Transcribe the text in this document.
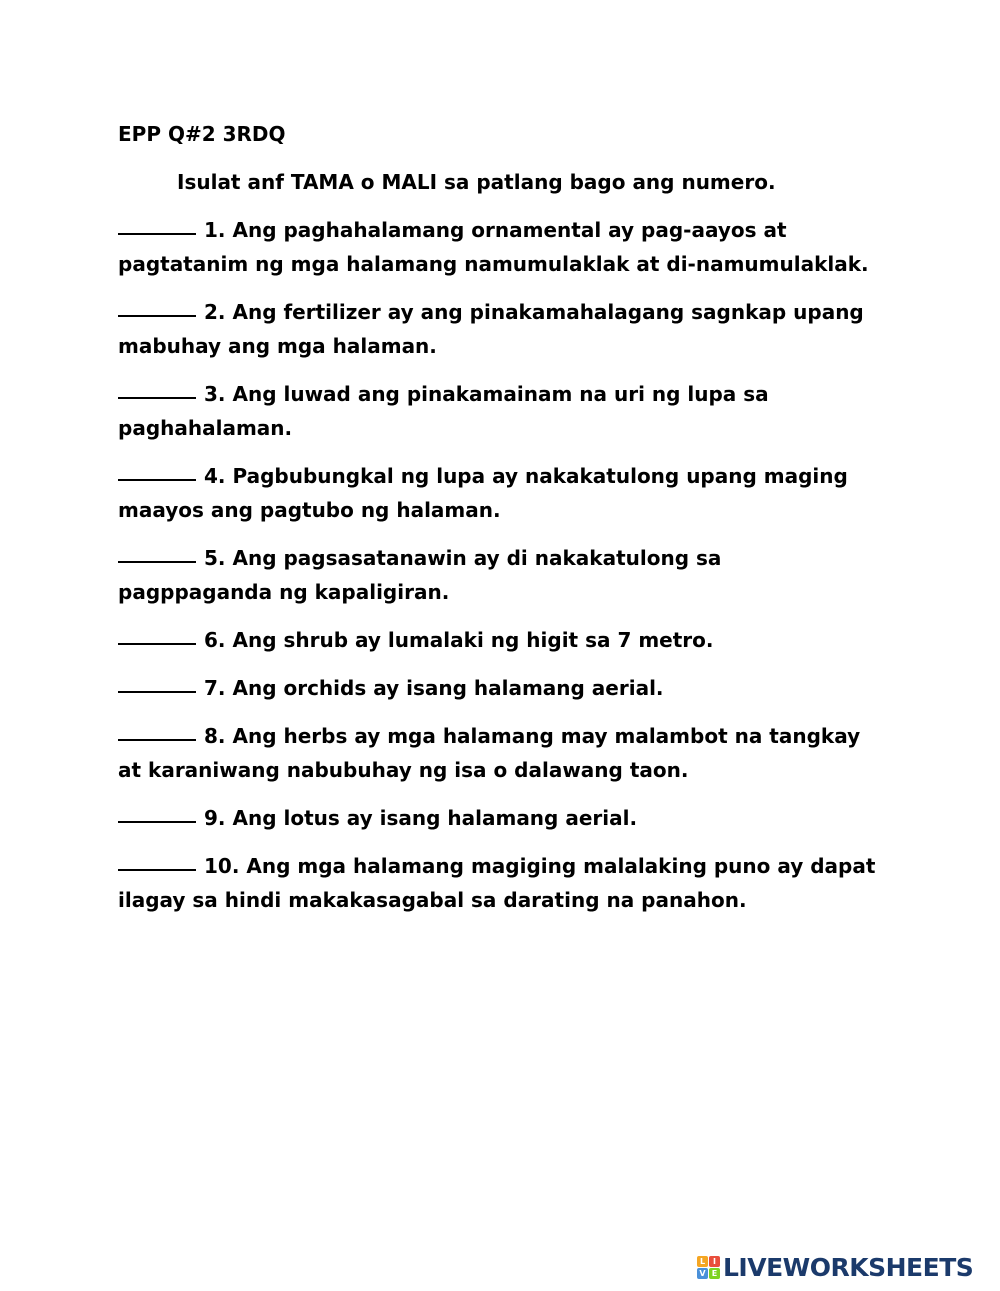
EPP Q#2 3RDQ
Isulat anf TAMA o MALI sa patlang bago ang numero.
1. Ang paghahalamang ornamental ay pag-aayos at pagtatanim ng mga halamang namumulaklak at di-namumulaklak.
2. Ang fertilizer ay ang pinakamahalagang sagnkap upang mabuhay ang mga halaman.
3. Ang luwad ang pinakamainam na uri ng lupa sa paghahalaman.
4. Pagbubungkal ng lupa ay nakakatulong upang maging maayos ang pagtubo ng halaman.
5. Ang pagsasatanawin ay di nakakatulong sa pagppaganda ng kapaligiran.
6. Ang shrub ay lumalaki ng higit sa 7 metro.
7. Ang orchids ay isang halamang aerial.
8. Ang herbs ay mga halamang may malambot na tangkay at karaniwang nabubuhay ng isa o dalawang taon.
9. Ang lotus ay isang halamang aerial.
10. Ang mga halamang magiging malalaking puno ay dapat ilagay sa hindi makakasagabal sa darating na panahon.
L I
V E LIVEWORKSHEETS
